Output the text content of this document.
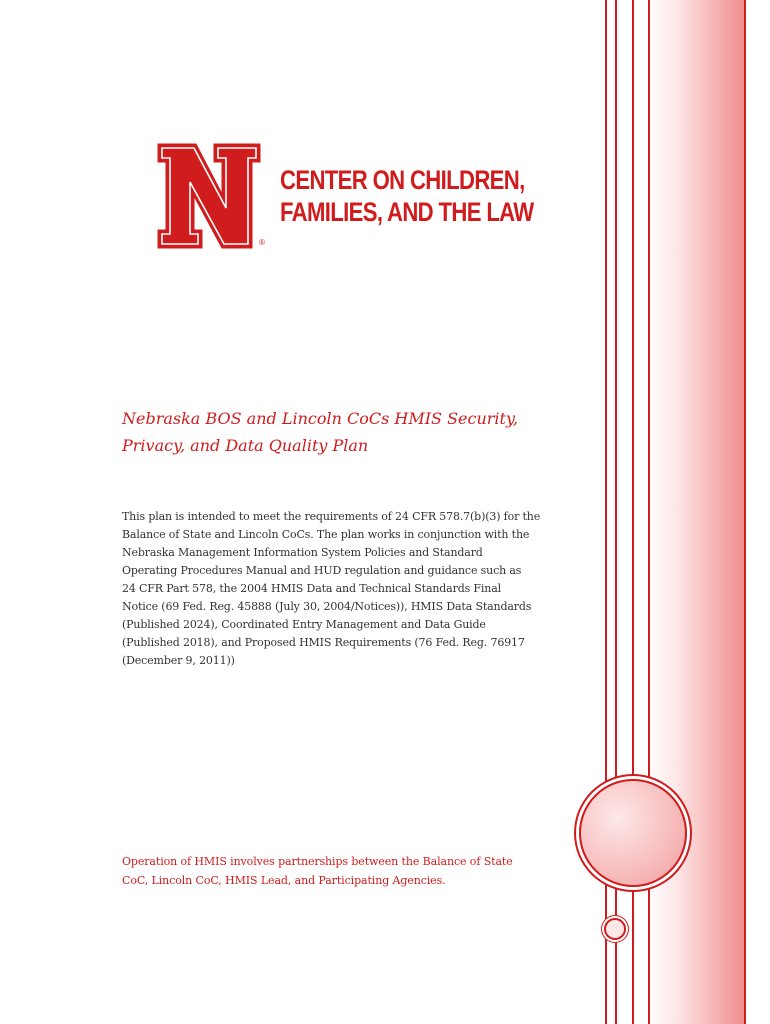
®
CENTER ON CHILDREN,
FAMILIES, AND THE LAW
Nebraska BOS and Lincoln CoCs HMIS Security,
Privacy, and Data Quality Plan
This plan is intended to meet the requirements of 24 CFR 578.7(b)(3) for the
Balance of State and Lincoln CoCs. The plan works in conjunction with the
Nebraska Management Information System Policies and Standard
Operating Procedures Manual and HUD regulation and guidance such as
24 CFR Part 578, the 2004 HMIS Data and Technical Standards Final
Notice (69 Fed. Reg. 45888 (July 30, 2004/Notices)), HMIS Data Standards
(Published 2024), Coordinated Entry Management and Data Guide
(Published 2018), and Proposed HMIS Requirements (76 Fed. Reg. 76917
(December 9, 2011))
Operation of HMIS involves partnerships between the Balance of State
CoC, Lincoln CoC, HMIS Lead, and Participating Agencies.
